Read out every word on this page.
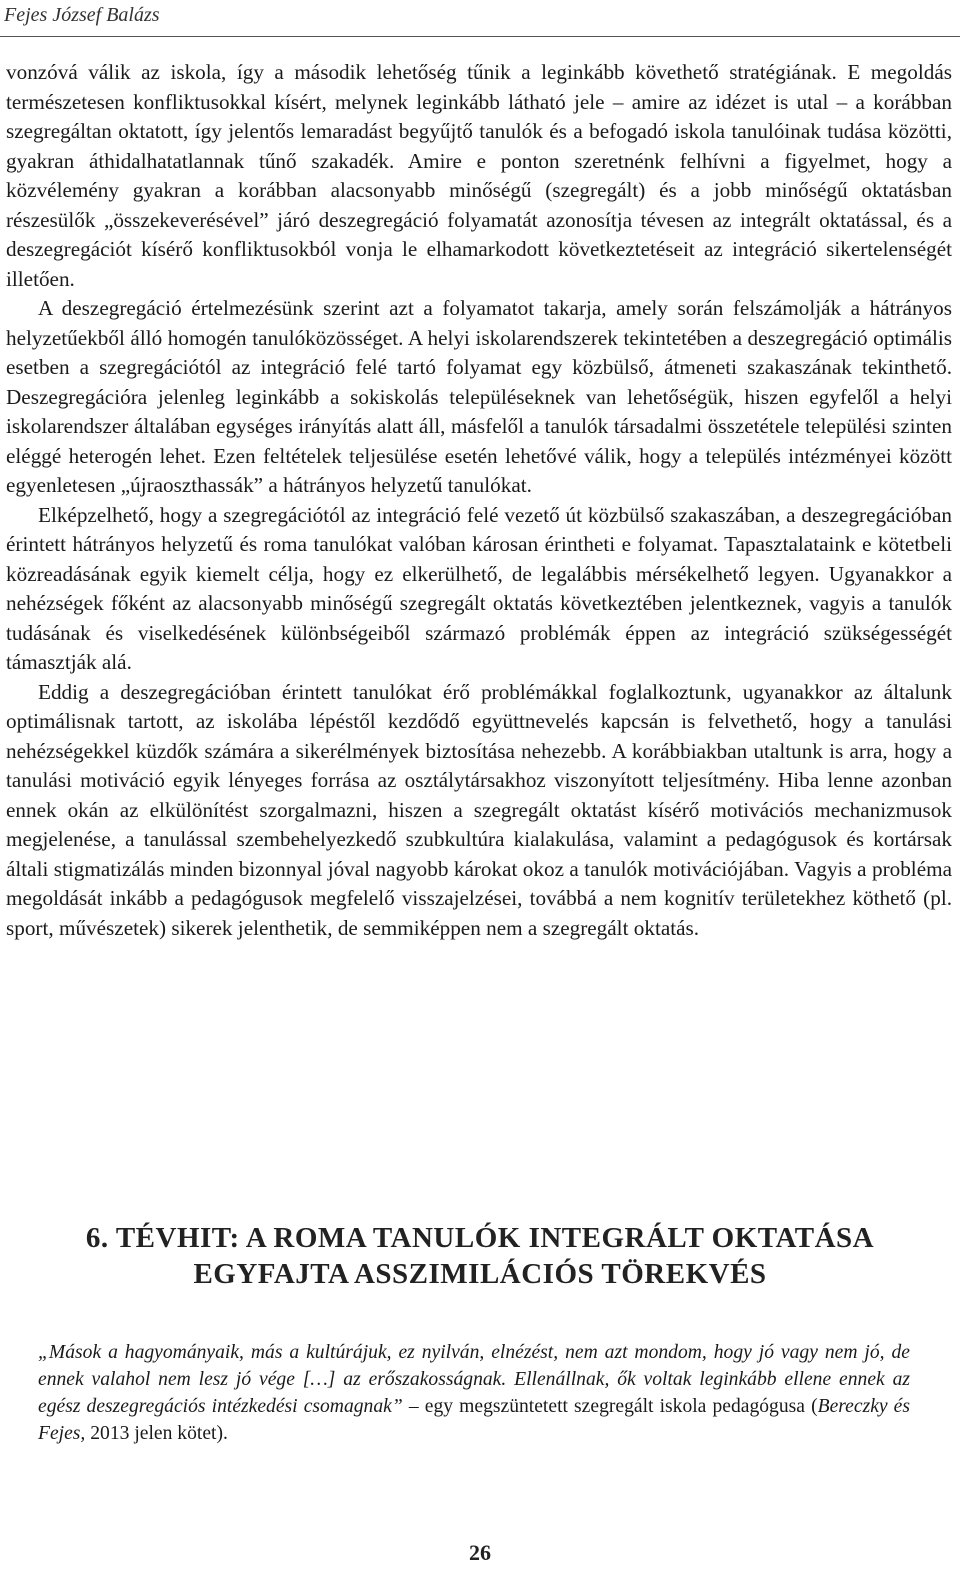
Fejes József Balázs

vonzóvá válik az iskola, így a második lehetőség tűnik a leginkább követhető stratégiának. E megoldás természetesen konfliktusokkal kísért, melynek leginkább látható jele – amire az idézet is utal – a korábban szegregáltan oktatott, így jelentős lemaradást begyűjtő tanulók és a befogadó iskola tanulóinak tudása közötti, gyakran áthidalhatatlannak tűnő szakadék. Amire e ponton szeretnénk felhívni a figyelmet, hogy a közvélemény gyakran a korábban alacsonyabb minőségű (szegregált) és a jobb minőségű oktatásban részesülők „összekeverésével” járó deszegregáció folyamatát azonosítja tévesen az integrált oktatással, és a deszegregációt kísérő konfliktusokból vonja le elhamarkodott következtetéseit az integráció sikertelenségét illetően.

A deszegregáció értelmezésünk szerint azt a folyamatot takarja, amely során felszámolják a hátrányos helyzetűekből álló homogén tanulóközösséget. A helyi iskolarendszerek tekintetében a deszegregáció optimális esetben a szegregációtól az integráció felé tartó folyamat egy közbülső, átmeneti szakaszának tekinthető. Deszegregációra jelenleg leginkább a sokiskolás településeknek van lehetőségük, hiszen egyfelől a helyi iskolarendszer általában egységes irányítás alatt áll, másfelől a tanulók társadalmi összetétele települési szinten eléggé heterogén lehet. Ezen feltételek teljesülése esetén lehetővé válik, hogy a település intézményei között egyenletesen „újraoszthassák” a hátrányos helyzetű tanulókat.

Elképzelhető, hogy a szegregációtól az integráció felé vezető út közbülső szakaszában, a deszegregációban érintett hátrányos helyzetű és roma tanulókat valóban károsan érintheti e folyamat. Tapasztalataink e kötetbeli közreadásának egyik kiemelt célja, hogy ez elkerülhető, de legalábbis mérsékelhető legyen. Ugyanakkor a nehézségek főként az alacsonyabb minőségű szegregált oktatás következtében jelentkeznek, vagyis a tanulók tudásának és viselkedésének különbségeiből származó problémák éppen az integráció szükségességét támasztják alá.

Eddig a deszegregációban érintett tanulókat érő problémákkal foglalkoztunk, ugyanakkor az általunk optimálisnak tartott, az iskolába lépéstől kezdődő együttnevelés kapcsán is felvethető, hogy a tanulási nehézségekkel küzdők számára a sikerélmények biztosítása nehezebb. A korábbiakban utaltunk is arra, hogy a tanulási motiváció egyik lényeges forrása az osztálytársakhoz viszonyított teljesítmény. Hiba lenne azonban ennek okán az elkülönítést szorgalmazni, hiszen a szegregált oktatást kísérő motivációs mechanizmusok megjelenése, a tanulással szembehelyezkedő szubkultúra kialakulása, valamint a pedagógusok és kortársak általi stigmatizálás minden bizonnyal jóval nagyobb károkat okoz a tanulók motivációjában. Vagyis a probléma megoldását inkább a pedagógusok megfelelő visszajelzései, továbbá a nem kognitív területekhez köthető (pl. sport, művészetek) sikerek jelenthetik, de semmiképpen nem a szegregált oktatás.

6. TÉVHIT: A ROMA TANULÓK INTEGRÁLT OKTATÁSA
EGYFAJTA ASSZIMILÁCIÓS TÖREKVÉS
„Mások a hagyományaik, más a kultúrájuk, ez nyilván, elnézést, nem azt mondom, hogy jó vagy nem jó, de ennek valahol nem lesz jó vége […] az erőszakosságnak. Ellenállnak, ők voltak leginkább ellene ennek az egész deszegregációs intézkedési csomagnak” – egy megszüntetett szegregált iskola pedagógusa (Bereczky és Fejes, 2013 jelen kötet).
26
